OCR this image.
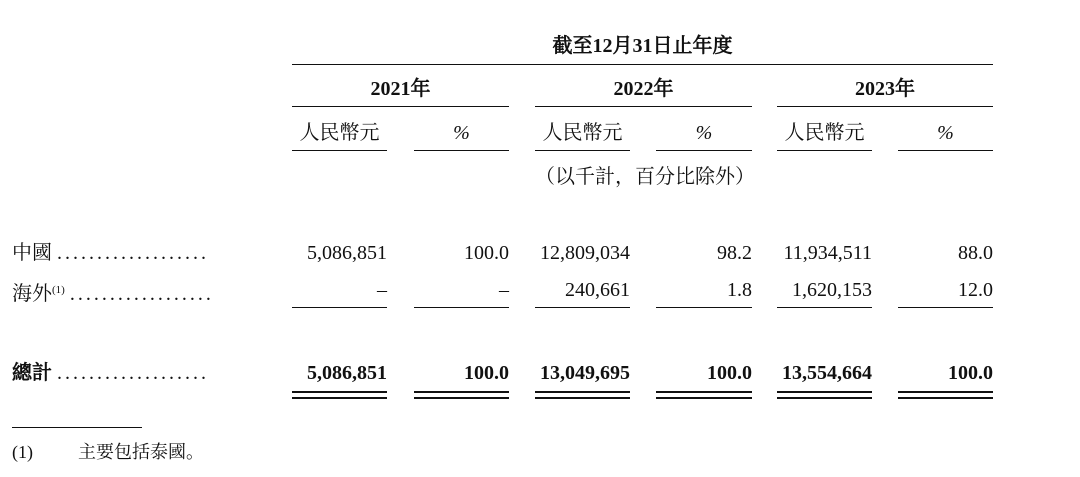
截至12月31日止年度
2021年	2022年	2023年
人民幣元	%	人民幣元	%	人民幣元	%
（以千計，百分比除外）
中國 ...................	5,086,851	100.0	12,809,034	98.2	11,934,511	88.0
海外$^{(1)}$ ..................	–	–	240,661	1.8	1,620,153	12.0
總計 ...................	5,086,851	100.0	13,049,695	100.0	13,554,664	100.0
(1)	主要包括泰國。
